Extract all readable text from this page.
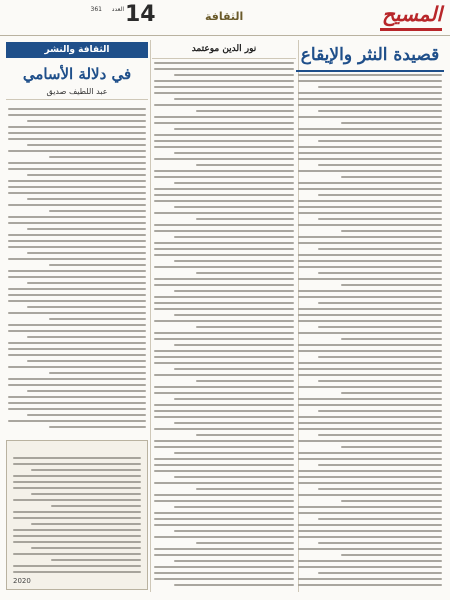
العدد
361 14	الثقافة	المسيح
قصيدة النثر والإيقاع
نور الدين موعتمد
الثقافة والنشر
في دلالة الأسامي
عبد اللطيف صديق
2020
